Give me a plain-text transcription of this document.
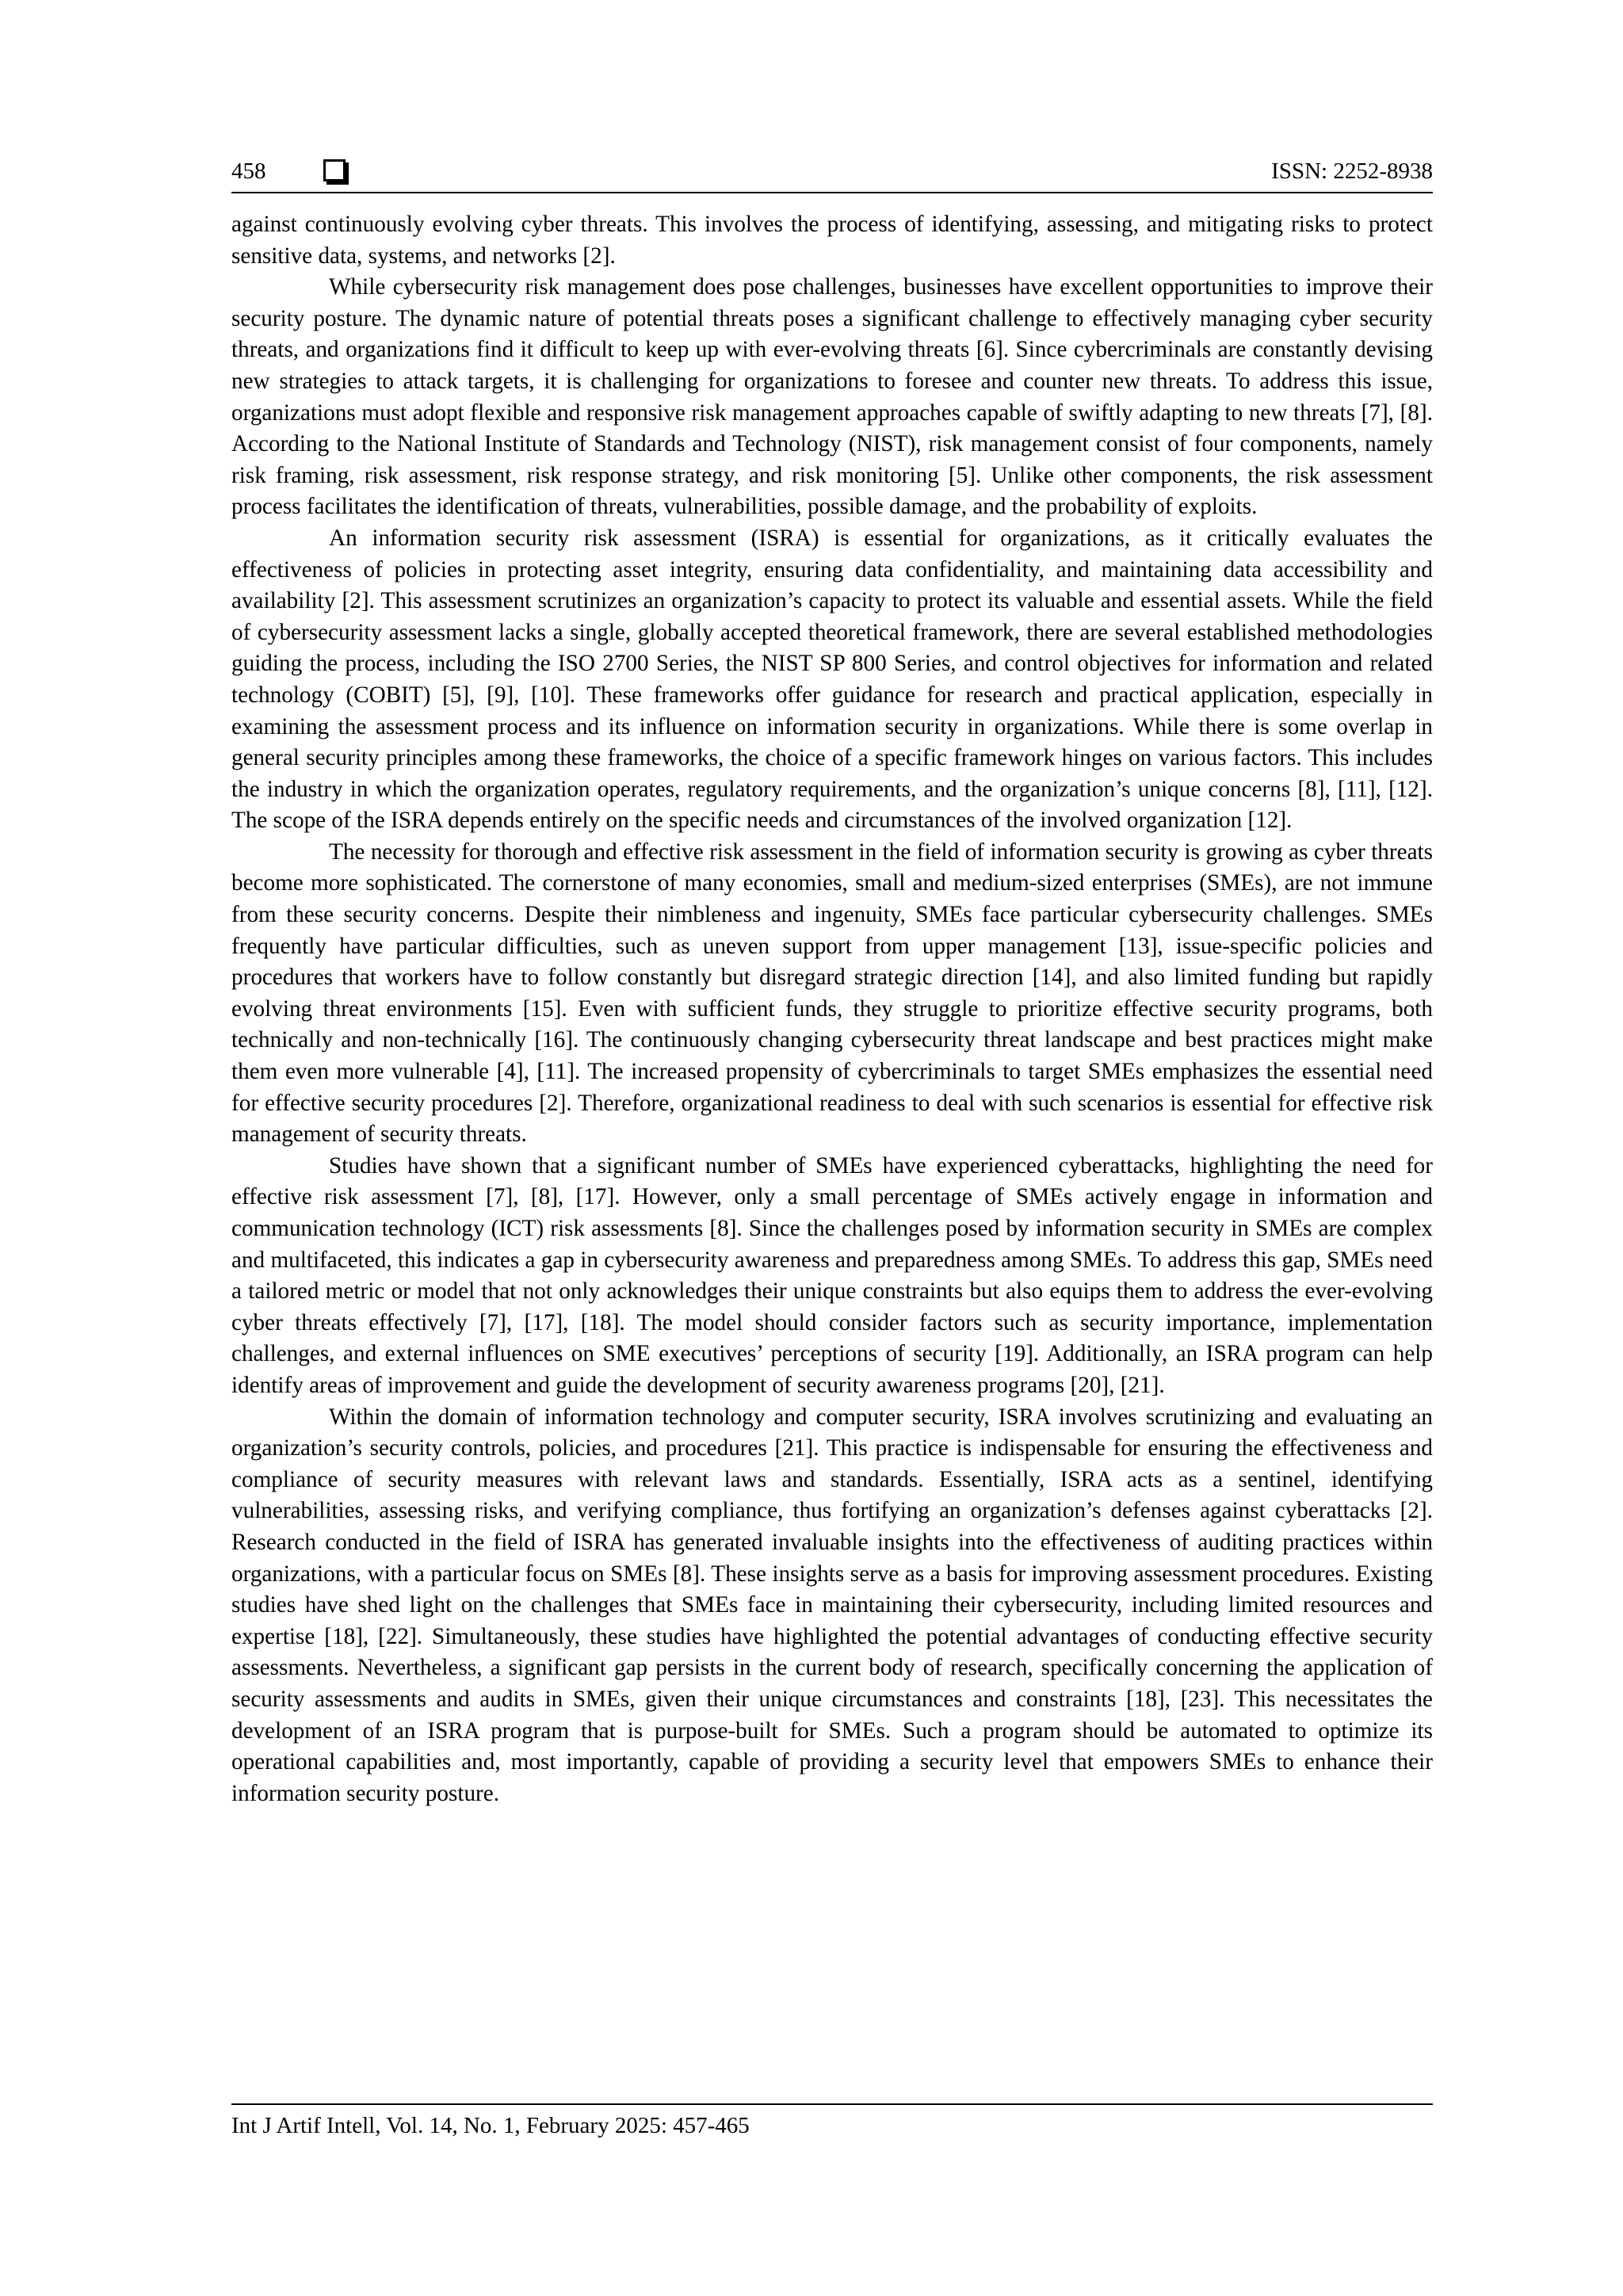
458	ISSN: 2252-8938

against continuously evolving cyber threats. This involves the process of identifying, assessing, and mitigating risks to protect sensitive data, systems, and networks [2].

While cybersecurity risk management does pose challenges, businesses have excellent opportunities to improve their security posture. The dynamic nature of potential threats poses a significant challenge to effectively managing cyber security threats, and organizations find it difficult to keep up with ever-evolving threats [6]. Since cybercriminals are constantly devising new strategies to attack targets, it is challenging for organizations to foresee and counter new threats. To address this issue, organizations must adopt flexible and responsive risk management approaches capable of swiftly adapting to new threats [7], [8]. According to the National Institute of Standards and Technology (NIST), risk management consist of four components, namely risk framing, risk assessment, risk response strategy, and risk monitoring [5]. Unlike other components, the risk assessment process facilitates the identification of threats, vulnerabilities, possible damage, and the probability of exploits.

An information security risk assessment (ISRA) is essential for organizations, as it critically evaluates the effectiveness of policies in protecting asset integrity, ensuring data confidentiality, and maintaining data accessibility and availability [2]. This assessment scrutinizes an organization’s capacity to protect its valuable and essential assets. While the field of cybersecurity assessment lacks a single, globally accepted theoretical framework, there are several established methodologies guiding the process, including the ISO 2700 Series, the NIST SP 800 Series, and control objectives for information and related technology (COBIT) [5], [9], [10]. These frameworks offer guidance for research and practical application, especially in examining the assessment process and its influence on information security in organizations. While there is some overlap in general security principles among these frameworks, the choice of a specific framework hinges on various factors. This includes the industry in which the organization operates, regulatory requirements, and the organization’s unique concerns [8], [11], [12]. The scope of the ISRA depends entirely on the specific needs and circumstances of the involved organization [12].

The necessity for thorough and effective risk assessment in the field of information security is growing as cyber threats become more sophisticated. The cornerstone of many economies, small and medium-sized enterprises (SMEs), are not immune from these security concerns. Despite their nimbleness and ingenuity, SMEs face particular cybersecurity challenges. SMEs frequently have particular difficulties, such as uneven support from upper management [13], issue-specific policies and procedures that workers have to follow constantly but disregard strategic direction [14], and also limited funding but rapidly evolving threat environments [15]. Even with sufficient funds, they struggle to prioritize effective security programs, both technically and non-technically [16]. The continuously changing cybersecurity threat landscape and best practices might make them even more vulnerable [4], [11]. The increased propensity of cybercriminals to target SMEs emphasizes the essential need for effective security procedures [2]. Therefore, organizational readiness to deal with such scenarios is essential for effective risk management of security threats.

Studies have shown that a significant number of SMEs have experienced cyberattacks, highlighting the need for effective risk assessment [7], [8], [17]. However, only a small percentage of SMEs actively engage in information and communication technology (ICT) risk assessments [8]. Since the challenges posed by information security in SMEs are complex and multifaceted, this indicates a gap in cybersecurity awareness and preparedness among SMEs. To address this gap, SMEs need a tailored metric or model that not only acknowledges their unique constraints but also equips them to address the ever-evolving cyber threats effectively [7], [17], [18]. The model should consider factors such as security importance, implementation challenges, and external influences on SME executives’ perceptions of security [19]. Additionally, an ISRA program can help identify areas of improvement and guide the development of security awareness programs [20], [21].

Within the domain of information technology and computer security, ISRA involves scrutinizing and evaluating an organization’s security controls, policies, and procedures [21]. This practice is indispensable for ensuring the effectiveness and compliance of security measures with relevant laws and standards. Essentially, ISRA acts as a sentinel, identifying vulnerabilities, assessing risks, and verifying compliance, thus fortifying an organization’s defenses against cyberattacks [2]. Research conducted in the field of ISRA has generated invaluable insights into the effectiveness of auditing practices within organizations, with a particular focus on SMEs [8]. These insights serve as a basis for improving assessment procedures. Existing studies have shed light on the challenges that SMEs face in maintaining their cybersecurity, including limited resources and expertise [18], [22]. Simultaneously, these studies have highlighted the potential advantages of conducting effective security assessments. Nevertheless, a significant gap persists in the current body of research, specifically concerning the application of security assessments and audits in SMEs, given their unique circumstances and constraints [18], [23]. This necessitates the development of an ISRA program that is purpose-built for SMEs. Such a program should be automated to optimize its operational capabilities and, most importantly, capable of providing a security level that empowers SMEs to enhance their information security posture.

Int J Artif Intell, Vol. 14, No. 1, February 2025: 457-465
